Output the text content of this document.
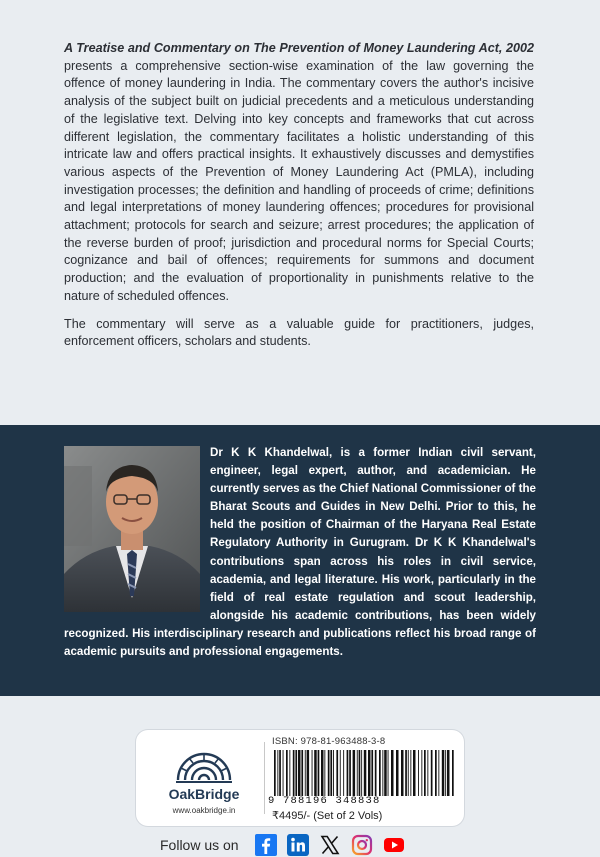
A Treatise and Commentary on The Prevention of Money Laundering Act, 2002 presents a comprehensive section-wise examination of the law governing the offence of money laundering in India. The commentary covers the author's incisive analysis of the subject built on judicial precedents and a meticulous understanding of the legislative text. Delving into key concepts and frameworks that cut across different legislation, the commentary facilitates a holistic understanding of this intricate law and offers practical insights. It exhaustively discusses and demystifies various aspects of the Prevention of Money Laundering Act (PMLA), including investigation processes; the definition and handling of proceeds of crime; definitions and legal interpretations of money laundering offences; procedures for provisional attachment; protocols for search and seizure; arrest procedures; the application of the reverse burden of proof; jurisdiction and procedural norms for Special Courts; cognizance and bail of offences; requirements for summons and document production; and the evaluation of proportionality in punishments relative to the nature of scheduled offences.

The commentary will serve as a valuable guide for practitioners, judges, enforcement officers, scholars and students.

Dr K K Khandelwal, is a former Indian civil servant, engineer, legal expert, author, and academician. He currently serves as the Chief National Commissioner of the Bharat Scouts and Guides in New Delhi. Prior to this, he held the position of Chairman of the Haryana Real Estate Regulatory Authority in Gurugram. Dr K K Khandelwal's contributions span across his roles in civil service, academia, and legal literature. His work, particularly in the field of real estate regulation and scout leadership, alongside his academic contributions, has been widely recognized. His interdisciplinary research and publications reflect his broad range of academic pursuits and professional engagements.
OakBridge
www.oakbridge.in
ISBN: 978-81-963488-3-8
9 788196 348838
₹4495/- (Set of 2 Vols)
Follow us on
